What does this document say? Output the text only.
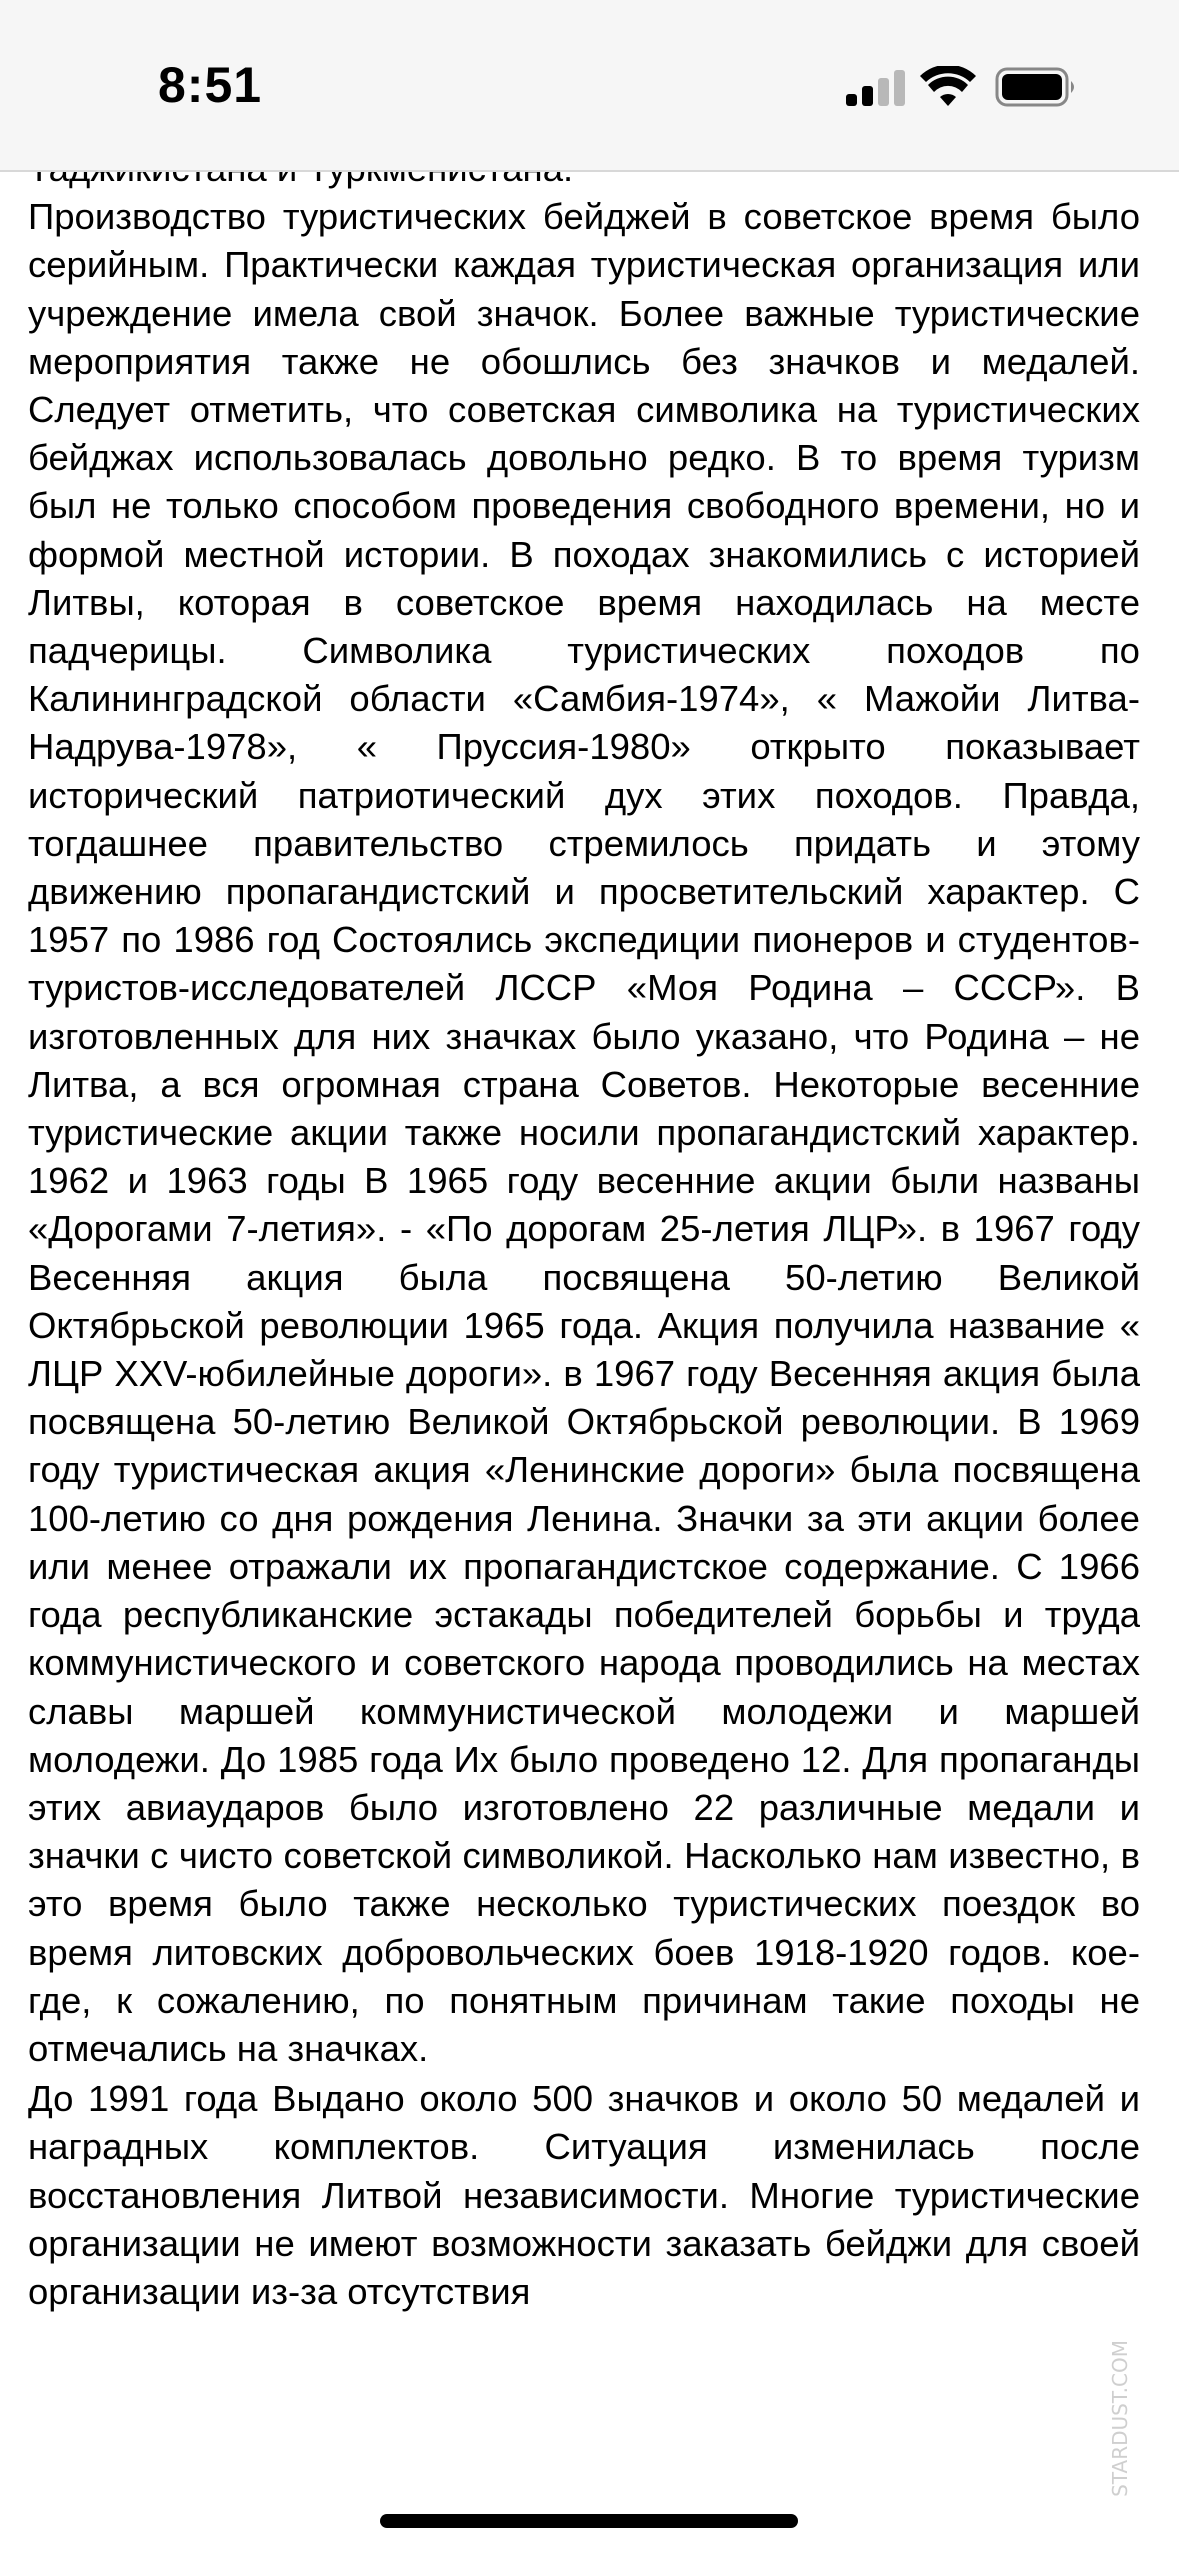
8:51

Производство туристических бейджей в советское время было серийным. Практически каждая туристическая организация или учреждение имела свой значок. Более важные туристические мероприятия также не обошлись без значков и медалей. Следует отметить, что советская символика на туристических бейджах использовалась довольно редко. В то время туризм был не только способом проведения свободного времени, но и формой местной истории. В походах знакомились с историей Литвы, которая в советское время находилась на месте падчерицы. Символика туристических походов по Калининградской области «Самбия-1974», « Мажойи Литва-Надрува-1978», « Пруссия-1980» открыто показывает исторический патриотический дух этих походов. Правда, тогдашнее правительство стремилось придать и этому движению пропагандистский и просветительский характер. С 1957 по 1986 год Состоялись экспедиции пионеров и студентов-туристов-исследователей ЛССР «Моя Родина – СССР». В изготовленных для них значках было указано, что Родина – не Литва, а вся огромная страна Советов. Некоторые весенние туристические акции также носили пропагандистский характер. 1962 и 1963 годы В 1965 году весенние акции были названы «Дорогами 7-летия». - «По дорогам 25-летия ЛЦР». в 1967 году Весенняя акция была посвящена 50-летию Великой Октябрьской революции 1965 года. Акция получила название « ЛЦР XXV-юбилейные дороги». в 1967 году Весенняя акция была посвящена 50-летию Великой Октябрьской революции. В 1969 году туристическая акция «Ленинские дороги» была посвящена 100-летию со дня рождения Ленина. Значки за эти акции более или менее отражали их пропагандистское содержание. С 1966 года республиканские эстакады победителей борьбы и труда коммунистического и советского народа проводились на местах славы маршей коммунистической молодежи и маршей молодежи. До 1985 года Их было проведено 12. Для пропаганды этих авиаударов было изготовлено 22 различные медали и значки с чисто советской символикой. Насколько нам известно, в это время было также несколько туристических поездок во время литовских добровольческих боев 1918-1920 годов. кое-где, к сожалению, по понятным причинам такие походы не отмечались на значках.

До 1991 года Выдано около 500 значков и около 50 медалей и наградных комплектов. Ситуация изменилась после восстановления Литвой независимости. Многие туристические организации не имеют возможности заказать бейджи для своей организации из-за отсутствия

STARDUST.COM
